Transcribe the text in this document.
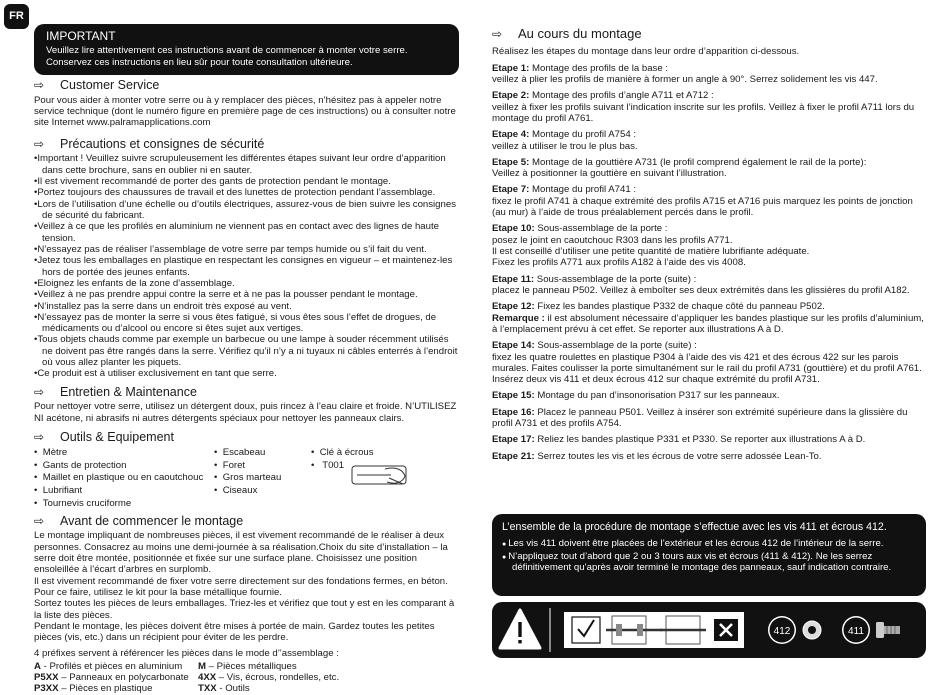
FR
IMPORTANT

Veuillez lire attentivement ces instructions avant de commencer à monter votre serre.

Conservez ces instructions en lieu sûr pour toute consultation ultérieure.

⇨	Customer Service

Pour vous aider à monter votre serre ou à y remplacer des pièces, n’hésitez pas à appeler notre service technique (dont le numéro figure en première page de ces instructions) ou à consulter notre site Internet www.palramapplications.com

⇨	Précautions et consignes de sécurité
• Important ! Veuillez suivre scrupuleusement les différentes étapes suivant leur ordre d’apparition dans cette brochure, sans en oublier ni en sauter.
• Il est vivement recommandé de porter des gants de protection pendant le montage.
• Portez toujours des chaussures de travail et des lunettes de protection pendant l’assemblage.
• Lors de l’utilisation d’une échelle ou d’outils électriques, assurez-vous de bien suivre les consignes de sécurité du fabricant.
• Veillez à ce que les profilés en aluminium ne viennent pas en contact avec des lignes de haute tension.
• N’essayez pas de réaliser l’assemblage de votre serre par temps humide ou s’il fait du vent.
• Jetez tous les emballages en plastique en respectant les consignes en vigueur – et maintenez-les hors de portée des jeunes enfants.
• Eloignez les enfants de la zone d’assemblage.
• Veillez à ne pas prendre appui contre la serre et à ne pas la pousser pendant le montage.
• N’installez pas la serre dans un endroit très exposé au vent.
• N’essayez pas de monter la serre si vous êtes fatigué, si vous êtes sous l’effet de drogues, de médicaments ou d’alcool ou encore si êtes sujet aux vertiges.
• Tous objets chauds comme par exemple un barbecue ou une lampe à souder récemment utilisés ne doivent pas être rangés dans la serre. Vérifiez qu’il n’y a ni tuyaux ni câbles enterrés à l’endroit où vous allez planter les piquets.
• Ce produit est à utiliser exclusivement en tant que serre.
⇨	Entretien & Maintenance

Pour nettoyer votre serre, utilisez un détergent doux, puis rincez à l’eau claire et froide. N’UTILISEZ NI acétone, ni abrasifs ni autres détergents spéciaux pour nettoyer les panneaux clairs.

⇨	Outils & Equipement
•  Mètre
•  Gants de protection
•  Maillet en plastique ou en caoutchouc
•  Lubrifiant
•  Tournevis cruciforme
•  Escabeau
•  Foret
•  Gros marteau
•  Ciseaux
•  Clé à écrous
•  T001
⇨	Avant de commencer le montage

Le montage impliquant de nombreuses pièces, il est vivement recommandé de le réaliser à deux personnes. Consacrez au moins une demi-journée à sa réalisation.Choix du site d’installation – la serre doit être montée, positionnée et fixée sur une surface plane. Choisissez une position ensoleillée à l’écart d’arbres en surplomb.

Il est vivement recommandé de fixer votre serre directement sur des fondations fermes, en béton. Pour ce faire, utilisez le kit pour la base métallique fournie.

Sortez toutes les pièces de leurs emballages. Triez-les et vérifiez que tout y est en les comparant à la liste des pièces.

Pendant le montage, les pièces doivent être mises à portée de main. Gardez toutes les petites pièces (vis, etc.) dans un récipient pour éviter de les perdre.

4 préfixes servent à référencer les pièces dans le mode d’’assemblage :

A - Profilés et pièces en aluminium	M – Pièces métalliques
P5XX – Panneaux en polycarbonate 4XX – Vis, écrous, rondelles, etc.
P3XX – Pièces en plastique	TXX - Outils
⇨	Au cours du montage

Réalisez les étapes du montage dans leur ordre d’apparition ci-dessous.

Etape 1: Montage des profils de la base :

veillez à plier les profils de manière à former un angle à 90°. Serrez solidement les vis 447.

Etape 2: Montage des profils d’angle A711 et A712 :

veillez à fixer les profils suivant l’indication inscrite sur les profils. Veillez à fixer le profil A711 lors du montage du profil A761.

Etape 4: Montage du profil A754 :

veillez à utiliser le trou le plus bas.

Etape 5: Montage de la gouttière A731 (le profil comprend également le rail de la porte):

Veillez à positionner la gouttière en suivant l’illustration.

Etape 7: Montage du profil A741 :

fixez le profil A741 à chaque extrémité des profils A715 et A716 puis marquez les points de jonction (au mur) à l’aide de trous préalablement percés dans le profil.

Etape 10: Sous-assemblage de la porte :

posez le joint en caoutchouc R303 dans les profils A771.

Il est conseillé d’utiliser une petite quantité de matière lubrifiante adéquate.

Fixez les profils A771 aux profils A182 à l’aide des vis 4008.

Etape 11: Sous-assemblage de la porte (suite) :

placez le panneau P502. Veillez à emboîter ses deux extrémités dans les glissières du profil A182.

Etape 12: Fixez les bandes plastique P332 de chaque côté du panneau P502.

Remarque : il est absolument nécessaire d’appliquer les bandes plastique sur les profils d’aluminium, à l’emplacement prévu à cet effet. Se reporter aux illustrations A à D.

Etape 14: Sous-assemblage de la porte (suite) :

fixez les quatre roulettes en plastique P304 à l’aide des vis 421 et des écrous 422 sur les parois murales. Faites coulisser la porte simultanément sur le rail du profil A731 (gouttière) et du profil A761. Insérez deux vis 411 et deux écrous 412 sur chaque extrémité du profil A731.

Etape 15: Montage du pan d’insonorisation P317 sur les panneaux.

Etape 16: Placez le panneau P501. Veillez à insérer son extrémité supérieure dans la glissière du profil A731 et des profils A754.

Etape 17: Reliez les bandes plastique P331 et P330. Se reporter aux illustrations A à D.

Etape 21: Serrez toutes les vis et les écrous de votre serre adossée Lean-To.

L’ensemble de la procédure de montage s’effectue avec les vis 411 et écrous 412.

● Les vis 411 doivent être placées de l’extérieur et les écrous 412 de l’intérieur de la serre.
● N’appliquez tout d’abord que 2 ou 3 tours aux vis et écrous (411 & 412). Ne les serrez définitivement qu’après avoir terminé le montage des panneaux, sauf indication contraire.
412	411
